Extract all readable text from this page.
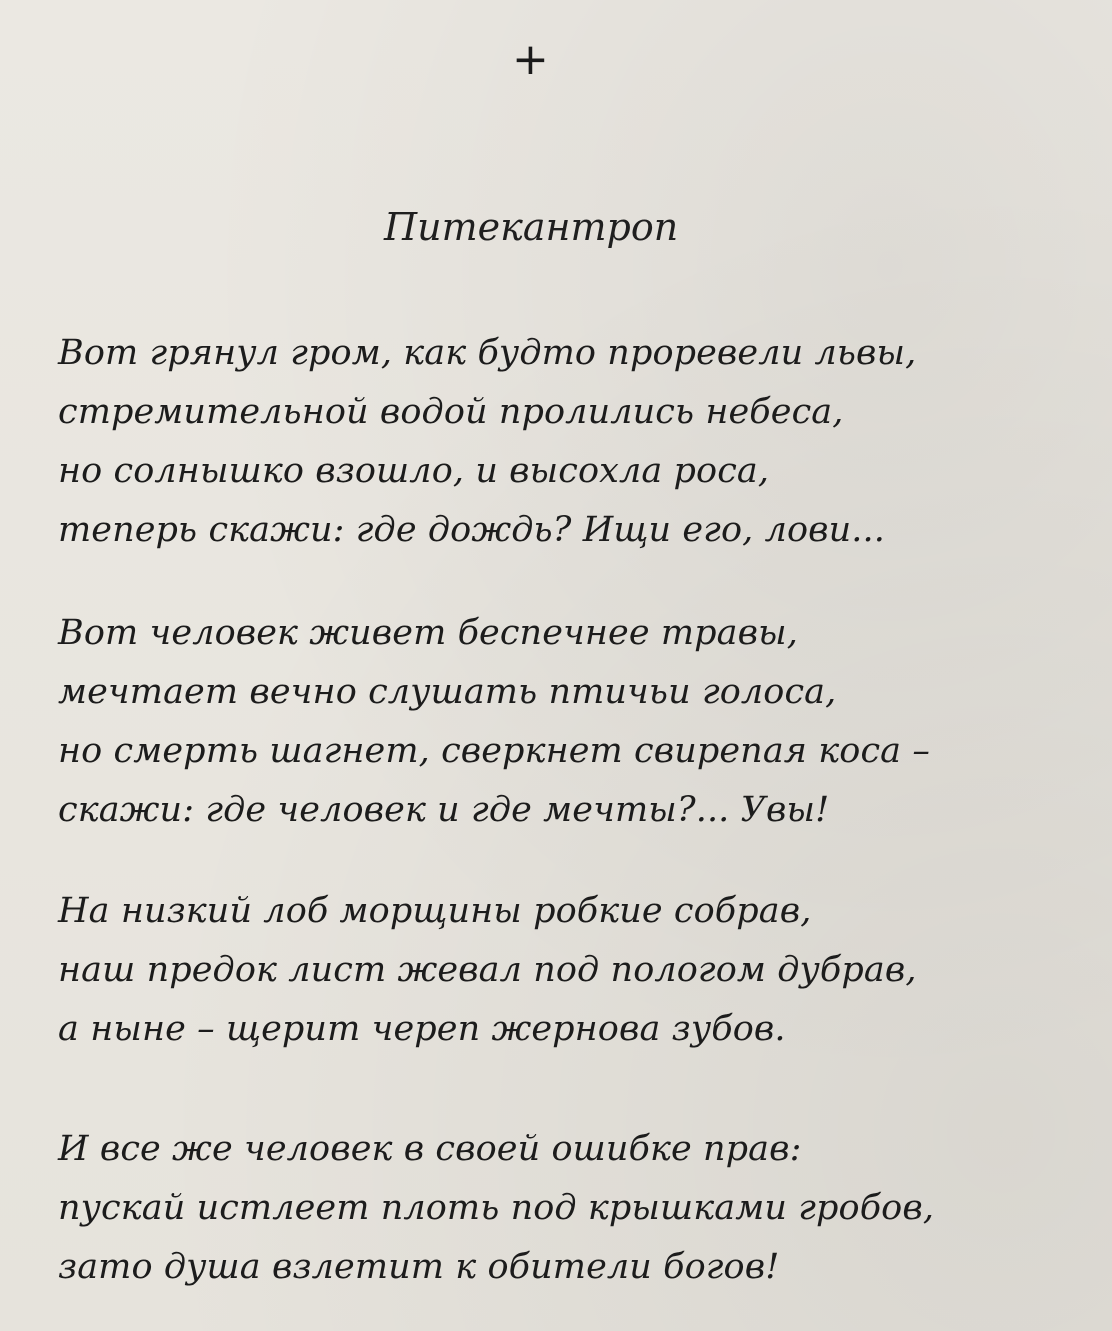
+
Питекантроп
Вот грянул гром, как будто проревели львы,
стремительной водой пролились небеса,
но солнышко взошло, и высохла роса,
теперь скажи: где дождь? Ищи его, лови...
Вот человек живет беспечнее травы,
мечтает вечно слушать птичьи голоса,
но смерть шагнет, сверкнет свирепая коса –
скажи: где человек и где мечты?... Увы!
На низкий лоб морщины робкие собрав,
наш предок лист жевал под пологом дубрав,
а ныне – щерит череп жернова зубов.
И все же человек в своей ошибке прав:
пускай истлеет плоть под крышками гробов,
зато душа взлетит к обители богов!
